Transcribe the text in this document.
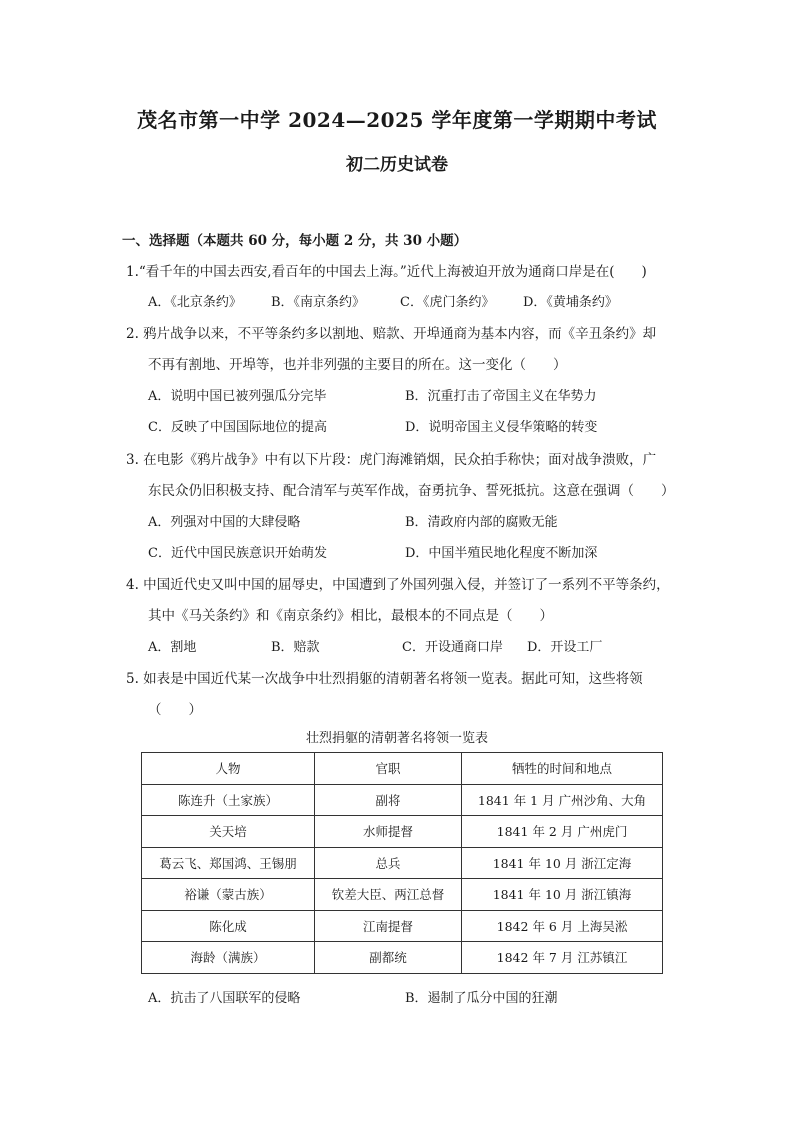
茂名市第一中学 2024—2025 学年度第一学期期中考试
初二历史试卷
一、选择题（本题共 60 分，每小题 2 分，共 30 小题）
1.“看千年的中国去西安,看百年的中国去上海。”近代上海被迫开放为通商口岸是在(　　)
A．《北京条约》 B．《南京条约》	C．《虎门条约》 D．《黄埔条约》
2. 鸦片战争以来，不平等条约多以割地、赔款、开埠通商为基本内容，而《辛丑条约》却
不再有割地、开埠等，也并非列强的主要目的所在。这一变化（　　）
A．说明中国已被列强瓜分完毕	B．沉重打击了帝国主义在华势力
C．反映了中国国际地位的提高	D．说明帝国主义侵华策略的转变
3. 在电影《鸦片战争》中有以下片段：虎门海滩销烟，民众拍手称快；面对战争溃败，广
东民众仍旧积极支持、配合清军与英军作战，奋勇抗争、誓死抵抗。这意在强调（　　）
A．列强对中国的大肆侵略	B．清政府内部的腐败无能
C．近代中国民族意识开始萌发	D．中国半殖民地化程度不断加深
4. 中国近代史又叫中国的屈辱史，中国遭到了外国列强入侵，并签订了一系列不平等条约，
其中《马关条约》和《南京条约》相比，最根本的不同点是（　　）
A．割地	B．赔款	C．开设通商口岸 D．开设工厂
5. 如表是中国近代某一次战争中壮烈捐躯的清朝著名将领一览表。据此可知，这些将领
（　　）
壮烈捐躯的清朝著名将领一览表
人物	官职	牺牲的时间和地点
陈连升（土家族）	副将	1841 年 1 月 广州沙角、大角
关天培	水师提督	1841 年 2 月 广州虎门
葛云飞、郑国鸿、王锡朋	总兵	1841 年 10 月 浙江定海
裕谦（蒙古族）	钦差大臣、两江总督	1841 年 10 月 浙江镇海
陈化成	江南提督	1842 年 6 月 上海吴淞
海龄（满族）	副都统	1842 年 7 月 江苏镇江
A．抗击了八国联军的侵略	B．遏制了瓜分中国的狂潮
